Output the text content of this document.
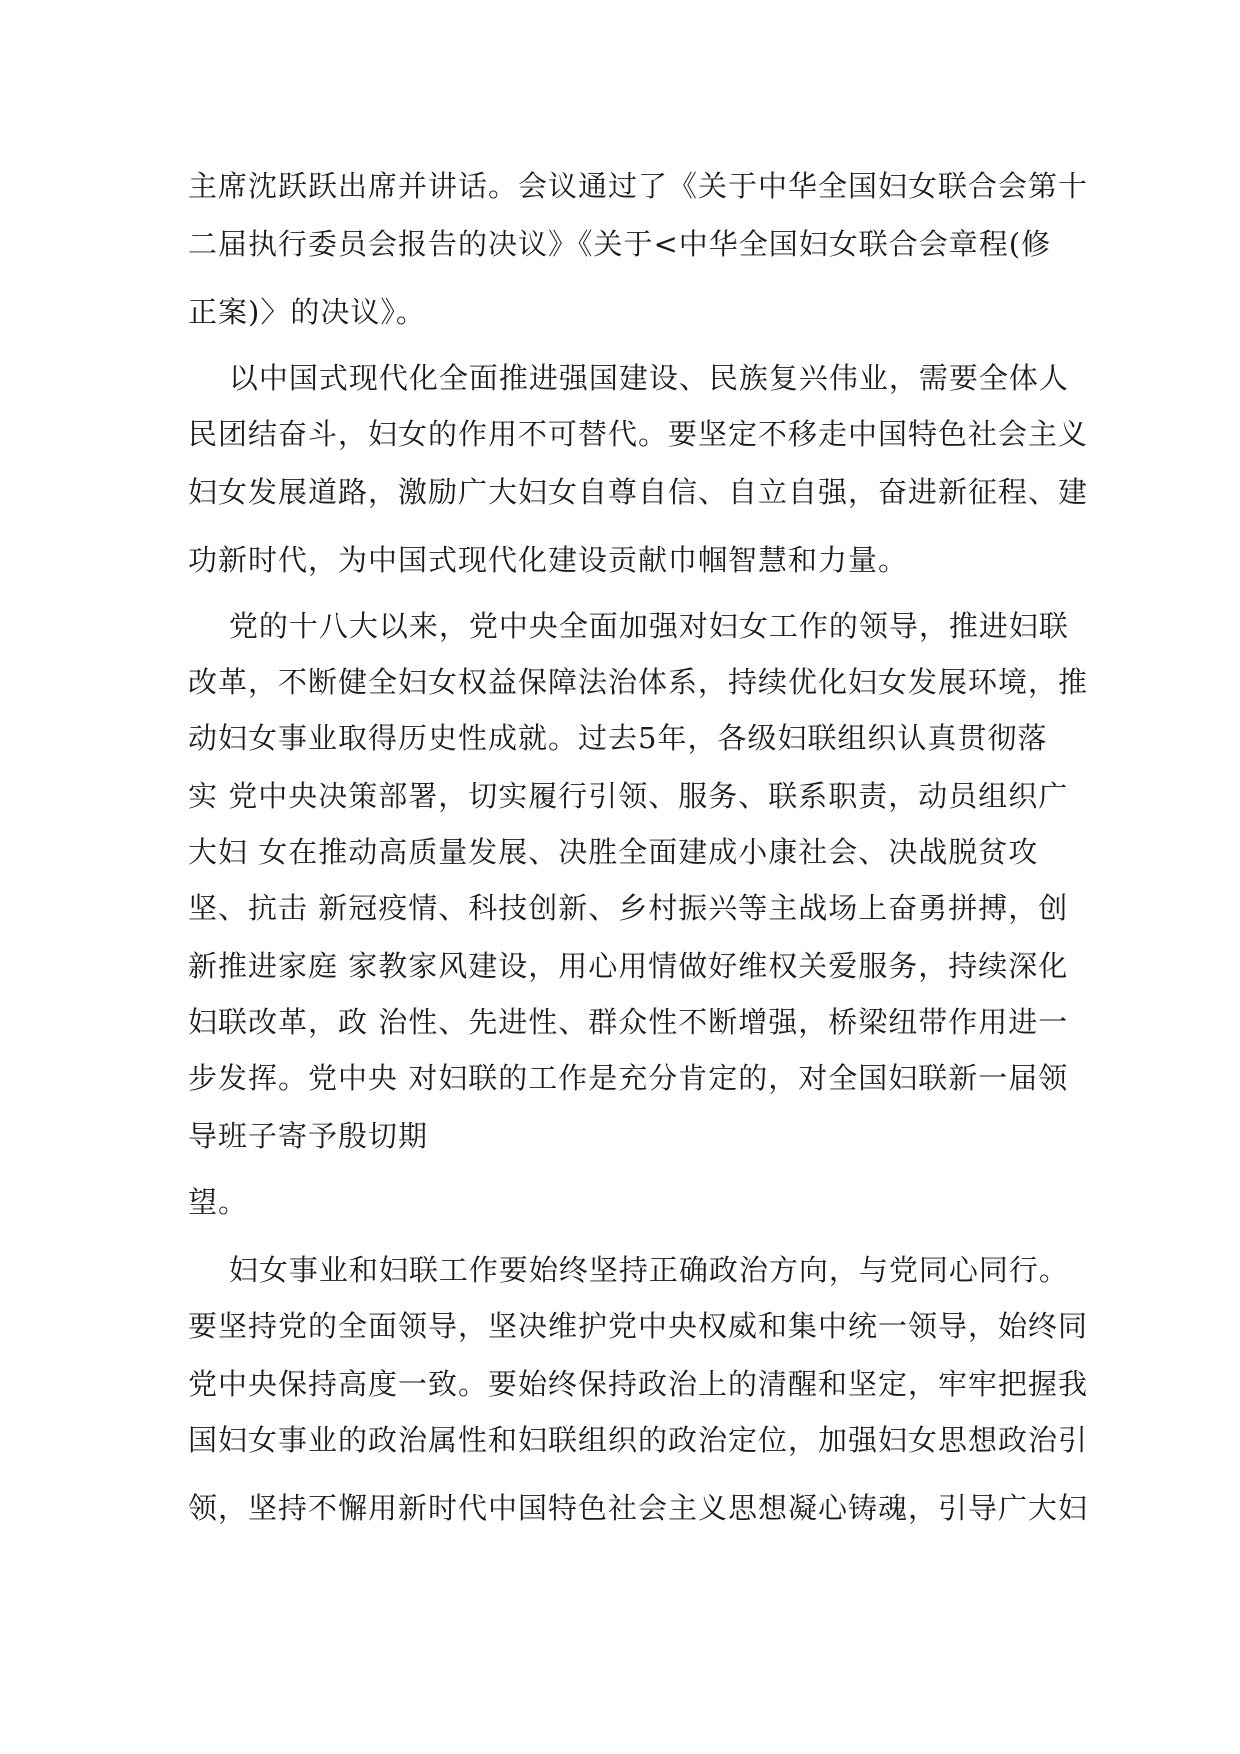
主席沈跃跃出席并讲话。会议通过了《关于中华全国妇女联合会第十
二届执行委员会报告的决议》《关于<中华全国妇女联合会章程(修
正案)〉的决议》。
以中国式现代化全面推进强国建设、民族复兴伟业，需要全体人
民团结奋斗，妇女的作用不可替代。要坚定不移走中国特色社会主义
妇女发展道路，激励广大妇女自尊自信、自立自强，奋进新征程、建
功新时代，为中国式现代化建设贡献巾帼智慧和力量。
党的十八大以来，党中央全面加强对妇女工作的领导，推进妇联
改革，不断健全妇女权益保障法治体系，持续优化妇女发展环境，推
动妇女事业取得历史性成就。过去5年，各级妇联组织认真贯彻落
实 党中央决策部署，切实履行引领、服务、联系职责，动员组织广
大妇 女在推动高质量发展、决胜全面建成小康社会、决战脱贫攻
坚、抗击 新冠疫情、科技创新、乡村振兴等主战场上奋勇拼搏，创
新推进家庭 家教家风建设，用心用情做好维权关爱服务，持续深化
妇联改革，政 治性、先进性、群众性不断增强，桥梁纽带作用进一
步发挥。党中央 对妇联的工作是充分肯定的，对全国妇联新一届领
导班子寄予殷切期
望。
妇女事业和妇联工作要始终坚持正确政治方向，与党同心同行。
要坚持党的全面领导，坚决维护党中央权威和集中统一领导，始终同
党中央保持高度一致。要始终保持政治上的清醒和坚定，牢牢把握我
国妇女事业的政治属性和妇联组织的政治定位，加强妇女思想政治引
领，坚持不懈用新时代中国特色社会主义思想凝心铸魂，引导广大妇
